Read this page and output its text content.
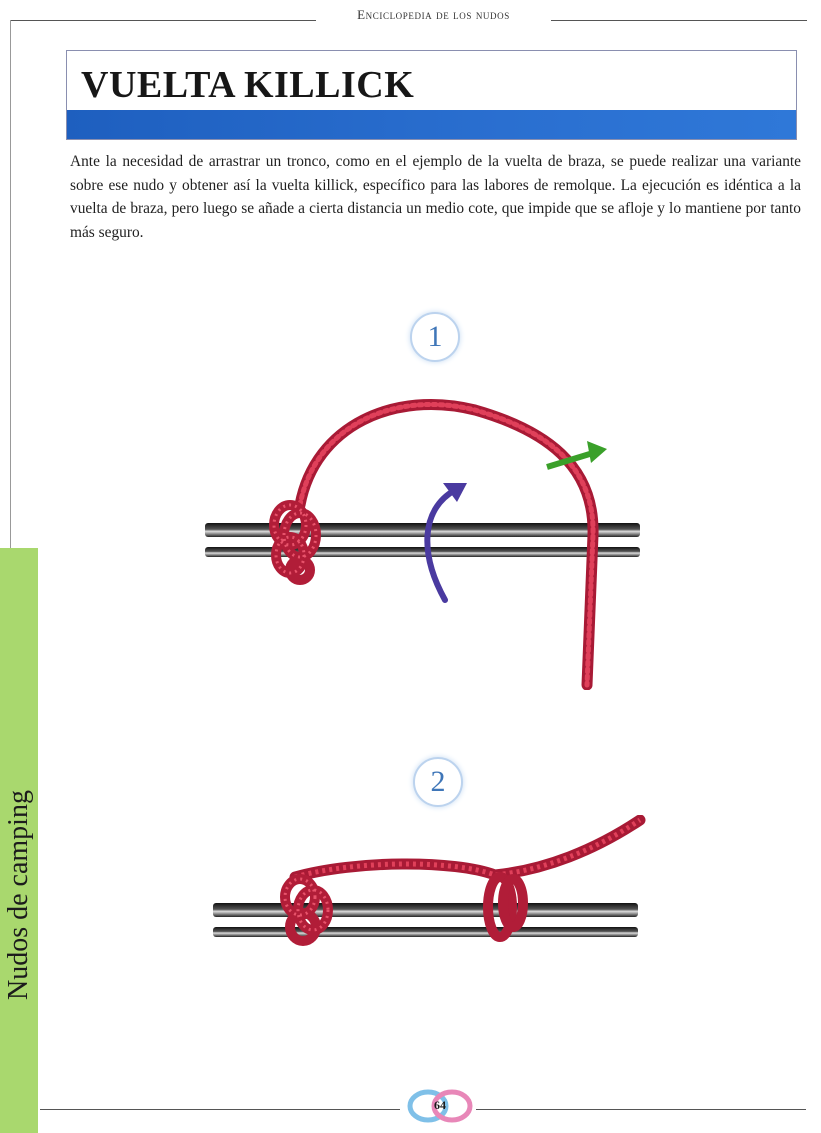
Enciclopedia de los nudos
VUELTA KILLICK

Ante la necesidad de arrastrar un tronco, como en el ejemplo de la vuelta de braza, se puede realizar una variante sobre ese nudo y obtener así la vuelta killick, específico para las labores de remolque. La ejecución es idéntica a la vuelta de braza, pero luego se añade a cierta distancia un medio cote, que impide que se afloje y lo mantiene por tanto más seguro.

Nudos de camping
1
2
64
